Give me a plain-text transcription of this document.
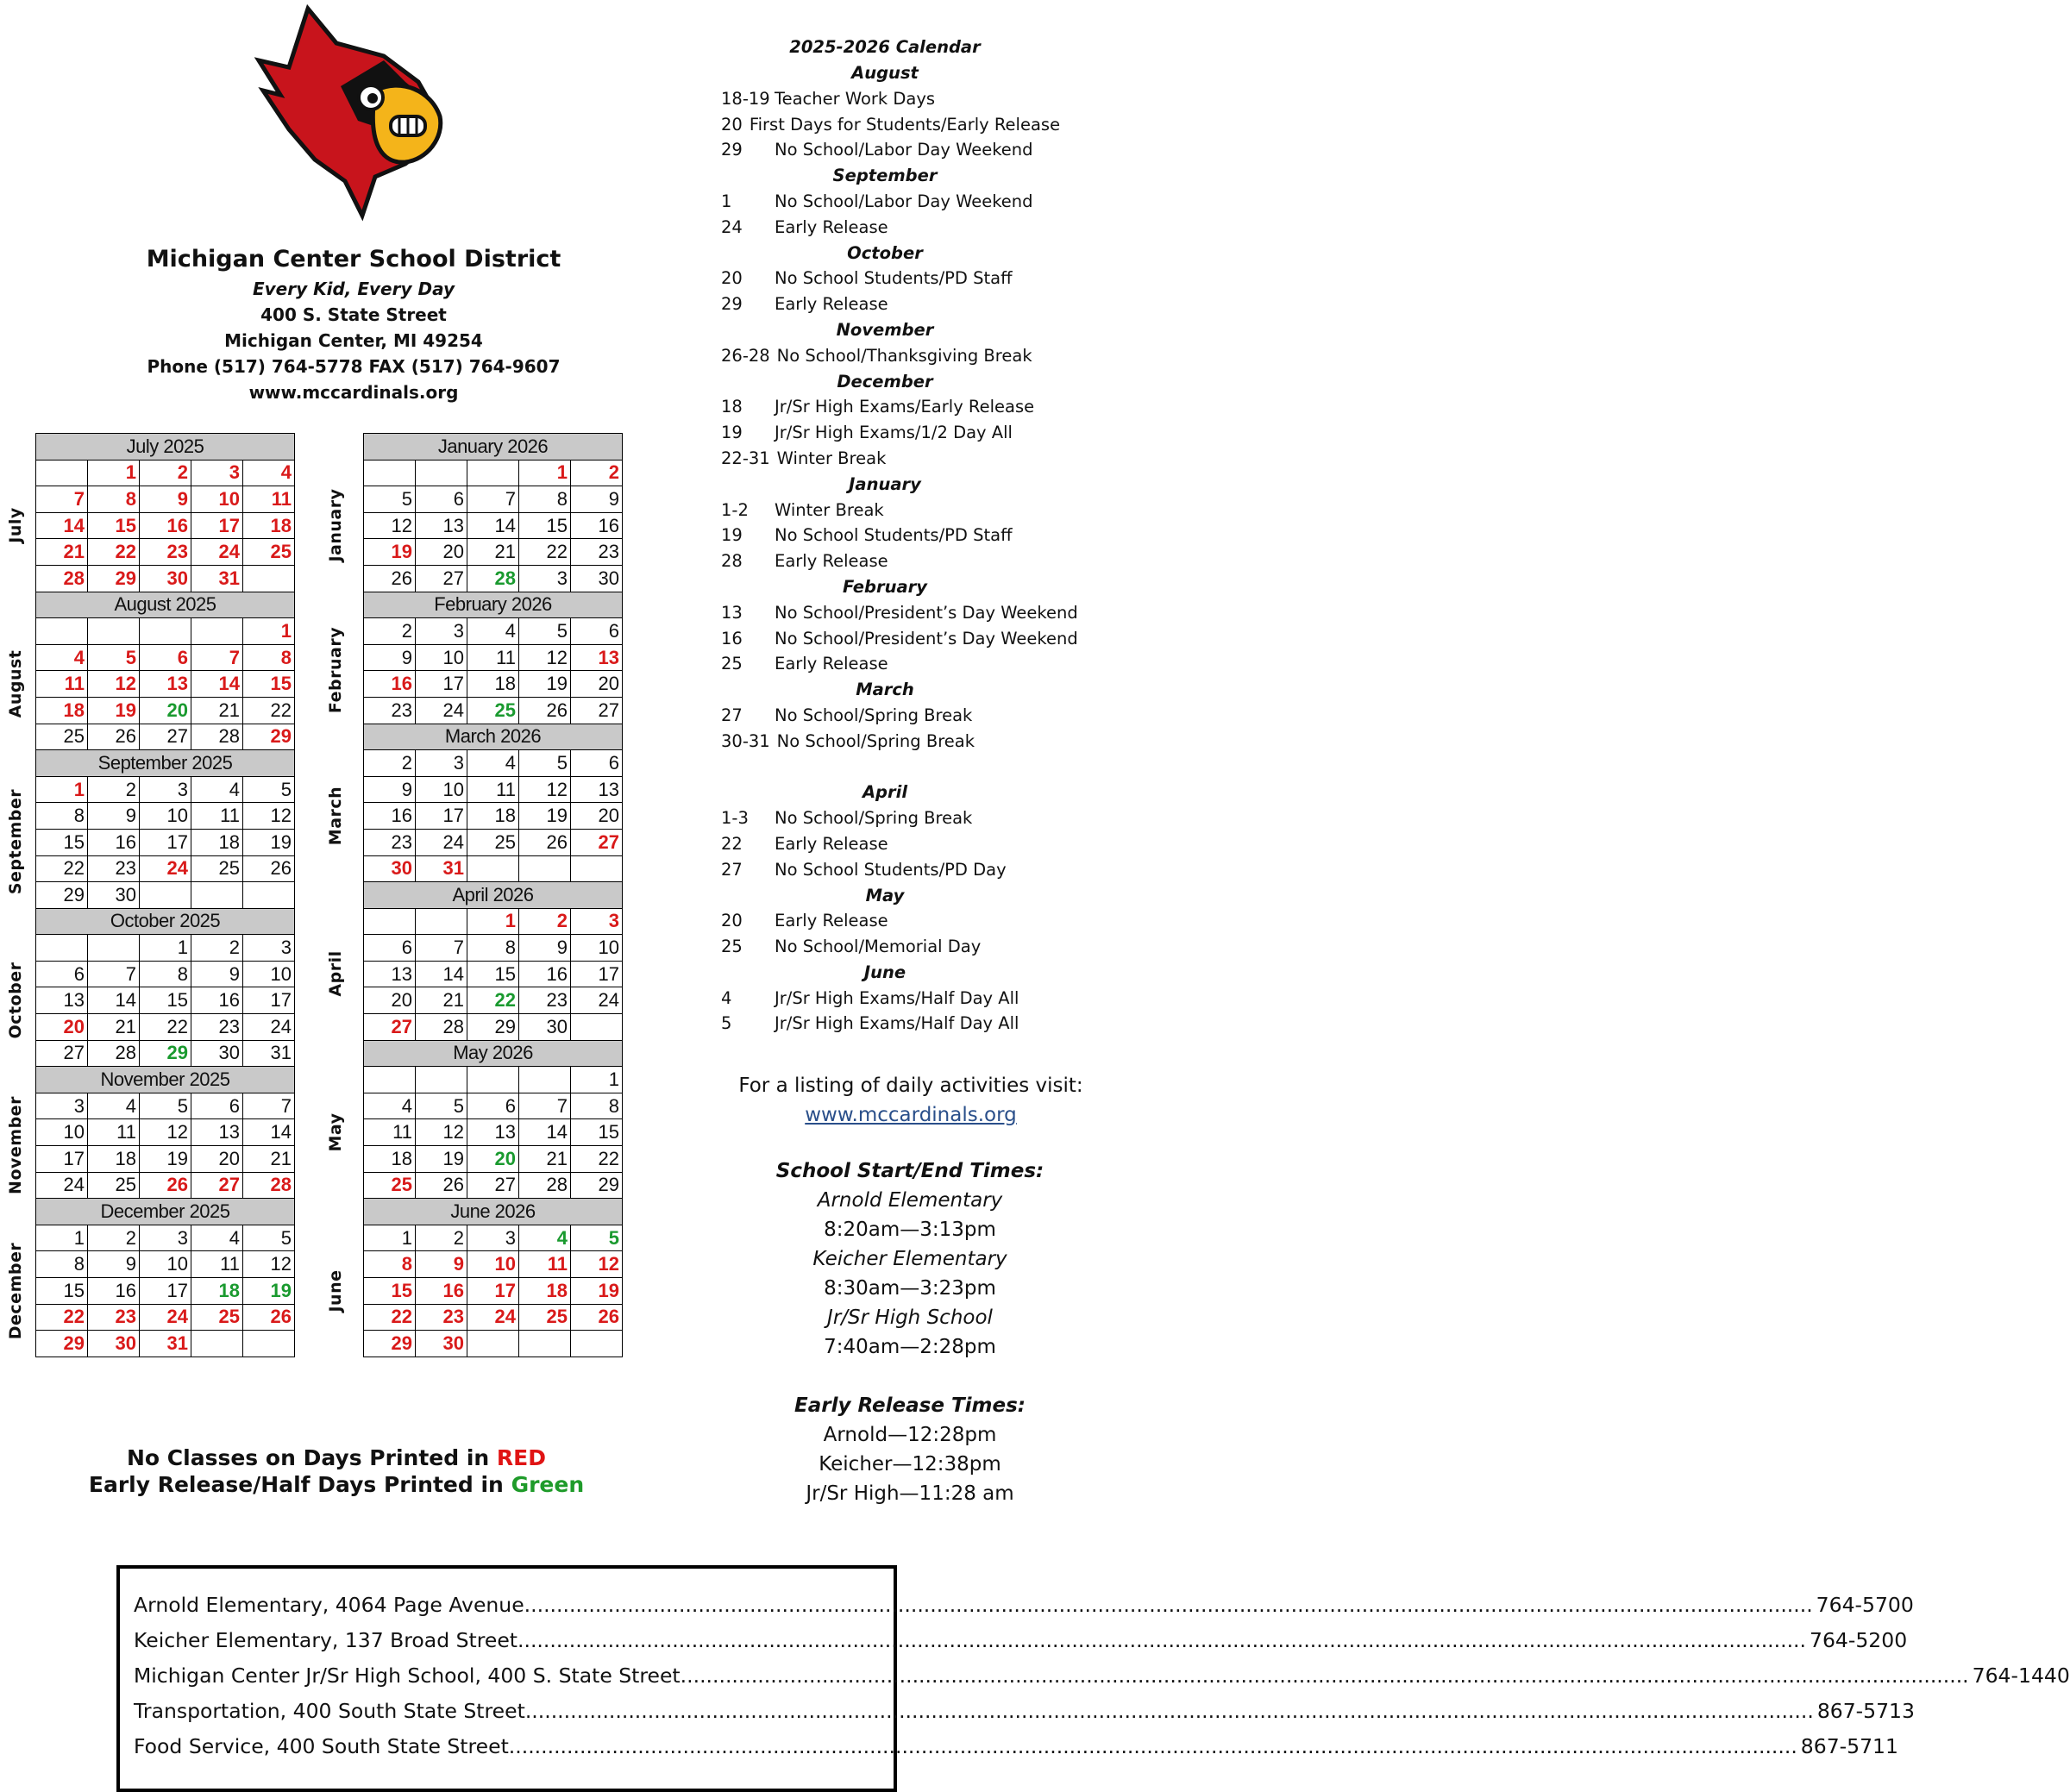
Michigan Center School District
Every Kid, Every Day
400 S. State Street
Michigan Center, MI 49254
Phone (517) 764-5778 FAX (517) 764-9607
www.mccardinals.org
July 2025				
	1	2	3	4
7	8	9	10	11
14	15	16	17	18
21	22	23	24	25
28	29	30	31	
August 2025				
				1
4	5	6	7	8
11	12	13	14	15
18	19	20	21	22
25	26	27	28	29
September 2025				
1	2	3	4	5
8	9	10	11	12
15	16	17	18	19
22	23	24	25	26
29	30			
October 2025				
		1	2	3
6	7	8	9	10
13	14	15	16	17
20	21	22	23	24
27	28	29	30	31
November 2025				
3	4	5	6	7
10	11	12	13	14
17	18	19	20	21
24	25	26	27	28
December 2025				
1	2	3	4	5
8	9	10	11	12
15	16	17	18	19
22	23	24	25	26
29	30	31		
January 2026				
			1	2
5	6	7	8	9
12	13	14	15	16
19	20	21	22	23
26	27	28	3	30
February 2026				
2	3	4	5	6
9	10	11	12	13
16	17	18	19	20
23	24	25	26	27
March 2026				
2	3	4	5	6
9	10	11	12	13
16	17	18	19	20
23	24	25	26	27
30	31			
April 2026				
		1	2	3
6	7	8	9	10
13	14	15	16	17
20	21	22	23	24
27	28	29	30	
May 2026				
				1
4	5	6	7	8
11	12	13	14	15
18	19	20	21	22
25	26	27	28	29
June 2026				
1	2	3	4	5
8	9	10	11	12
15	16	17	18	19
22	23	24	25	26
29	30			
July
August
September
October
November
December
January
February
March
April
May
June
No Classes on Days Printed in RED
Early Release/Half Days Printed in Green
2025-2026 Calendar
August
18-19 Teacher Work Days
20 First Days for Students/Early Release
29 No School/Labor Day Weekend
September
1	No School/Labor Day Weekend
24 Early Release
October
20 No School Students/PD Staff
29 Early Release
November
26-28 No School/Thanksgiving Break
December
18 Jr/Sr High Exams/Early Release
19 Jr/Sr High Exams/1/2 Day All
22-31 Winter Break
January
1-2 Winter Break
19 No School Students/PD Staff
28 Early Release
February
13 No School/President’s Day Weekend
16 No School/President’s Day Weekend
25 Early Release
March
27 No School/Spring Break
30-31 No School/Spring Break
April
1-3 No School/Spring Break
22 Early Release
27 No School Students/PD Day
May
20 Early Release
25 No School/Memorial Day
June
4	Jr/Sr High Exams/Half Day All
5	Jr/Sr High Exams/Half Day All
For a listing of daily activities visit:
www.mccardinals.org
School Start/End Times:
Arnold Elementary
8:20am—3:13pm
Keicher Elementary
8:30am—3:23pm
Jr/Sr High School
7:40am—2:28pm
Early Release Times:
Arnold—12:28pm
Keicher—12:38pm
Jr/Sr High—11:28 am
Arnold Elementary, 4064 Page Avenue ........................................................................................................................................................................................................ 764-5700
Keicher Elementary, 137 Broad Street ........................................................................................................................................................................................................ 764-5200
Michigan Center Jr/Sr High School, 400 S. State Street ........................................................................................................................................................................................................ 764-1440
Transportation, 400 South State Street ........................................................................................................................................................................................................ 867-5713
Food Service, 400 South State Street ........................................................................................................................................................................................................ 867-5711
